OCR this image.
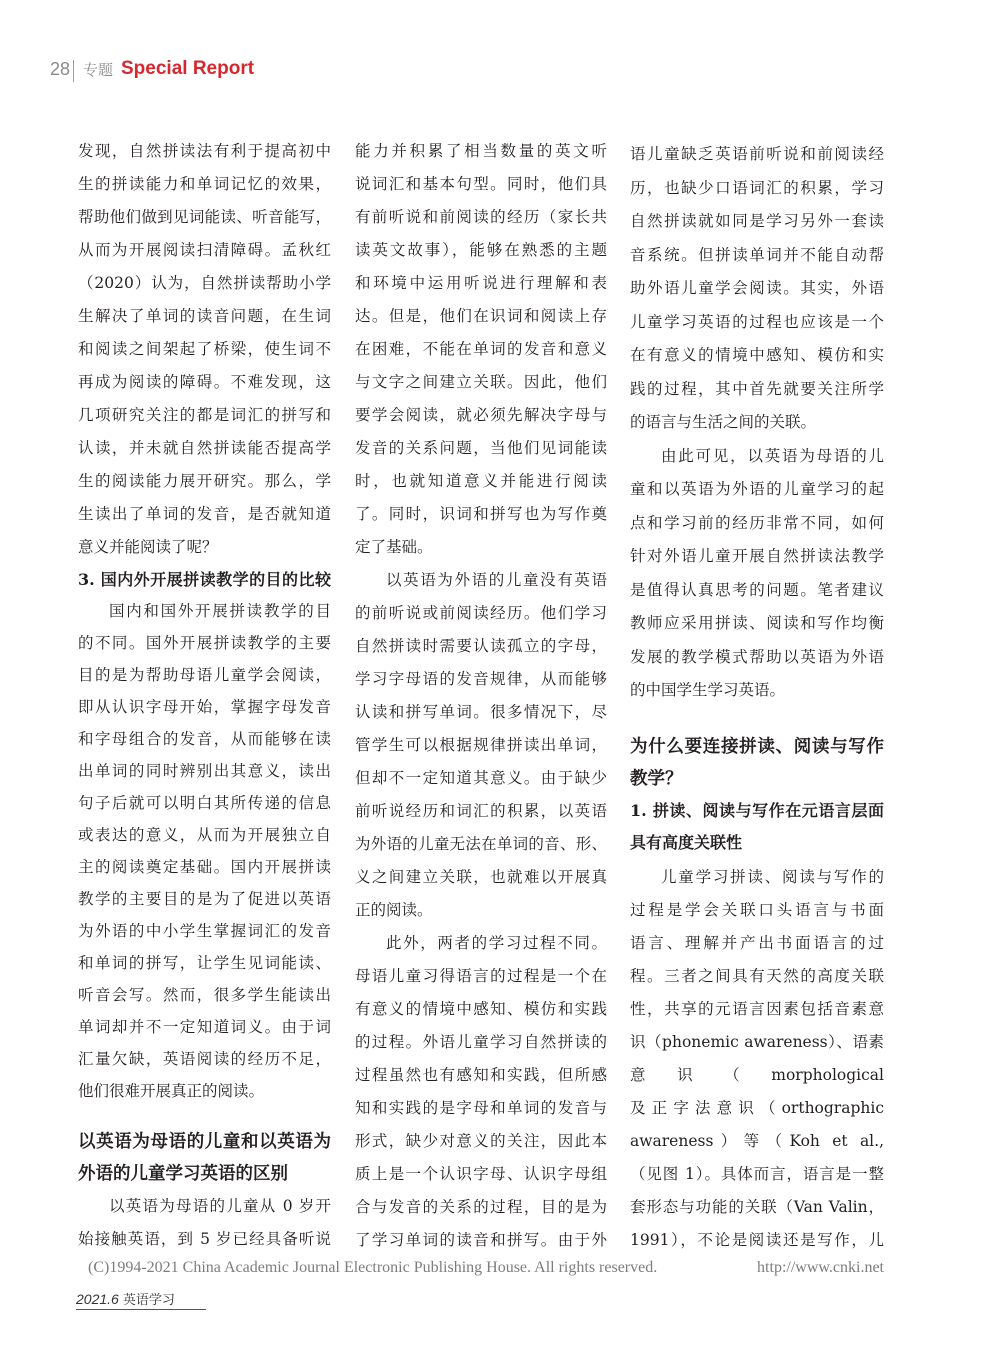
28 专题 Special Report
发现，自然拼读法有利于提高初中
生的拼读能力和单词记忆的效果，
帮助他们做到见词能读、听音能写，
从而为开展阅读扫清障碍。孟秋红
（2020）认为，自然拼读帮助小学
生解决了单词的读音问题，在生词
和阅读之间架起了桥梁，使生词不
再成为阅读的障碍。不难发现，这
几项研究关注的都是词汇的拼写和
认读，并未就自然拼读能否提高学
生的阅读能力展开研究。那么，学
生读出了单词的发音，是否就知道
意义并能阅读了呢？
3. 国内外开展拼读教学的目的比较
国内和国外开展拼读教学的目
的不同。国外开展拼读教学的主要
目的是为帮助母语儿童学会阅读，
即从认识字母开始，掌握字母发音
和字母组合的发音，从而能够在读
出单词的同时辨别出其意义，读出
句子后就可以明白其所传递的信息
或表达的意义，从而为开展独立自
主的阅读奠定基础。国内开展拼读
教学的主要目的是为了促进以英语
为外语的中小学生掌握词汇的发音
和单词的拼写，让学生见词能读、
听音会写。然而，很多学生能读出
单词却并不一定知道词义。由于词
汇量欠缺，英语阅读的经历不足，
他们很难开展真正的阅读。
以英语为母语的儿童和以英语为
外语的儿童学习英语的区别
以英语为母语的儿童从 0 岁开
始接触英语，到 5 岁已经具备听说
能力并积累了相当数量的英文听
说词汇和基本句型。同时，他们具
有前听说和前阅读的经历（家长共
读英文故事），能够在熟悉的主题
和环境中运用听说进行理解和表
达。但是，他们在识词和阅读上存
在困难，不能在单词的发音和意义
与文字之间建立关联。因此，他们
要学会阅读，就必须先解决字母与
发音的关系问题，当他们见词能读
时，也就知道意义并能进行阅读
了。同时，识词和拼写也为写作奠
定了基础。
以英语为外语的儿童没有英语
的前听说或前阅读经历。他们学习
自然拼读时需要认读孤立的字母，
学习字母语的发音规律，从而能够
认读和拼写单词。很多情况下，尽
管学生可以根据规律拼读出单词，
但却不一定知道其意义。由于缺少
前听说经历和词汇的积累，以英语
为外语的儿童无法在单词的音、形、
义之间建立关联，也就难以开展真
正的阅读。
此外，两者的学习过程不同。
母语儿童习得语言的过程是一个在
有意义的情境中感知、模仿和实践
的过程。外语儿童学习自然拼读的
过程虽然也有感知和实践，但所感
知和实践的是字母和单词的发音与
形式，缺少对意义的关注，因此本
质上是一个认识字母、认识字母组
合与发音的关系的过程，目的是为
了学习单词的读音和拼写。由于外
语儿童缺乏英语前听说和前阅读经
历，也缺少口语词汇的积累，学习
自然拼读就如同是学习另外一套读
音系统。但拼读单词并不能自动帮
助外语儿童学会阅读。其实，外语
儿童学习英语的过程也应该是一个
在有意义的情境中感知、模仿和实
践的过程，其中首先就要关注所学
的语言与生活之间的关联。
由此可见，以英语为母语的儿
童和以英语为外语的儿童学习的起
点和学习前的经历非常不同，如何
针对外语儿童开展自然拼读法教学
是值得认真思考的问题。笔者建议
教师应采用拼读、阅读和写作均衡
发展的教学模式帮助以英语为外语
的中国学生学习英语。
为什么要连接拼读、阅读与写作
教学？
1. 拼读、阅读与写作在元语言层面
具有高度关联性
儿童学习拼读、阅读与写作的
过程是学会关联口头语言与书面
语言、理解并产出书面语言的过
程。三者之间具有天然的高度关联
性，共享的元语言因素包括音素意
识（phonemic awareness）、语素
意识（morphological
及正字法意识（orthographic
awareness）等（Koh et al.,
（见图 1）。具体而言，语言是一整
套形态与功能的关联（Van Valin，
1991），不论是阅读还是写作，儿
(C)1994-2021 China Academic Journal Electronic Publishing House. All rights reserved.	http://www.cnki.net
2021.6 英语学习
